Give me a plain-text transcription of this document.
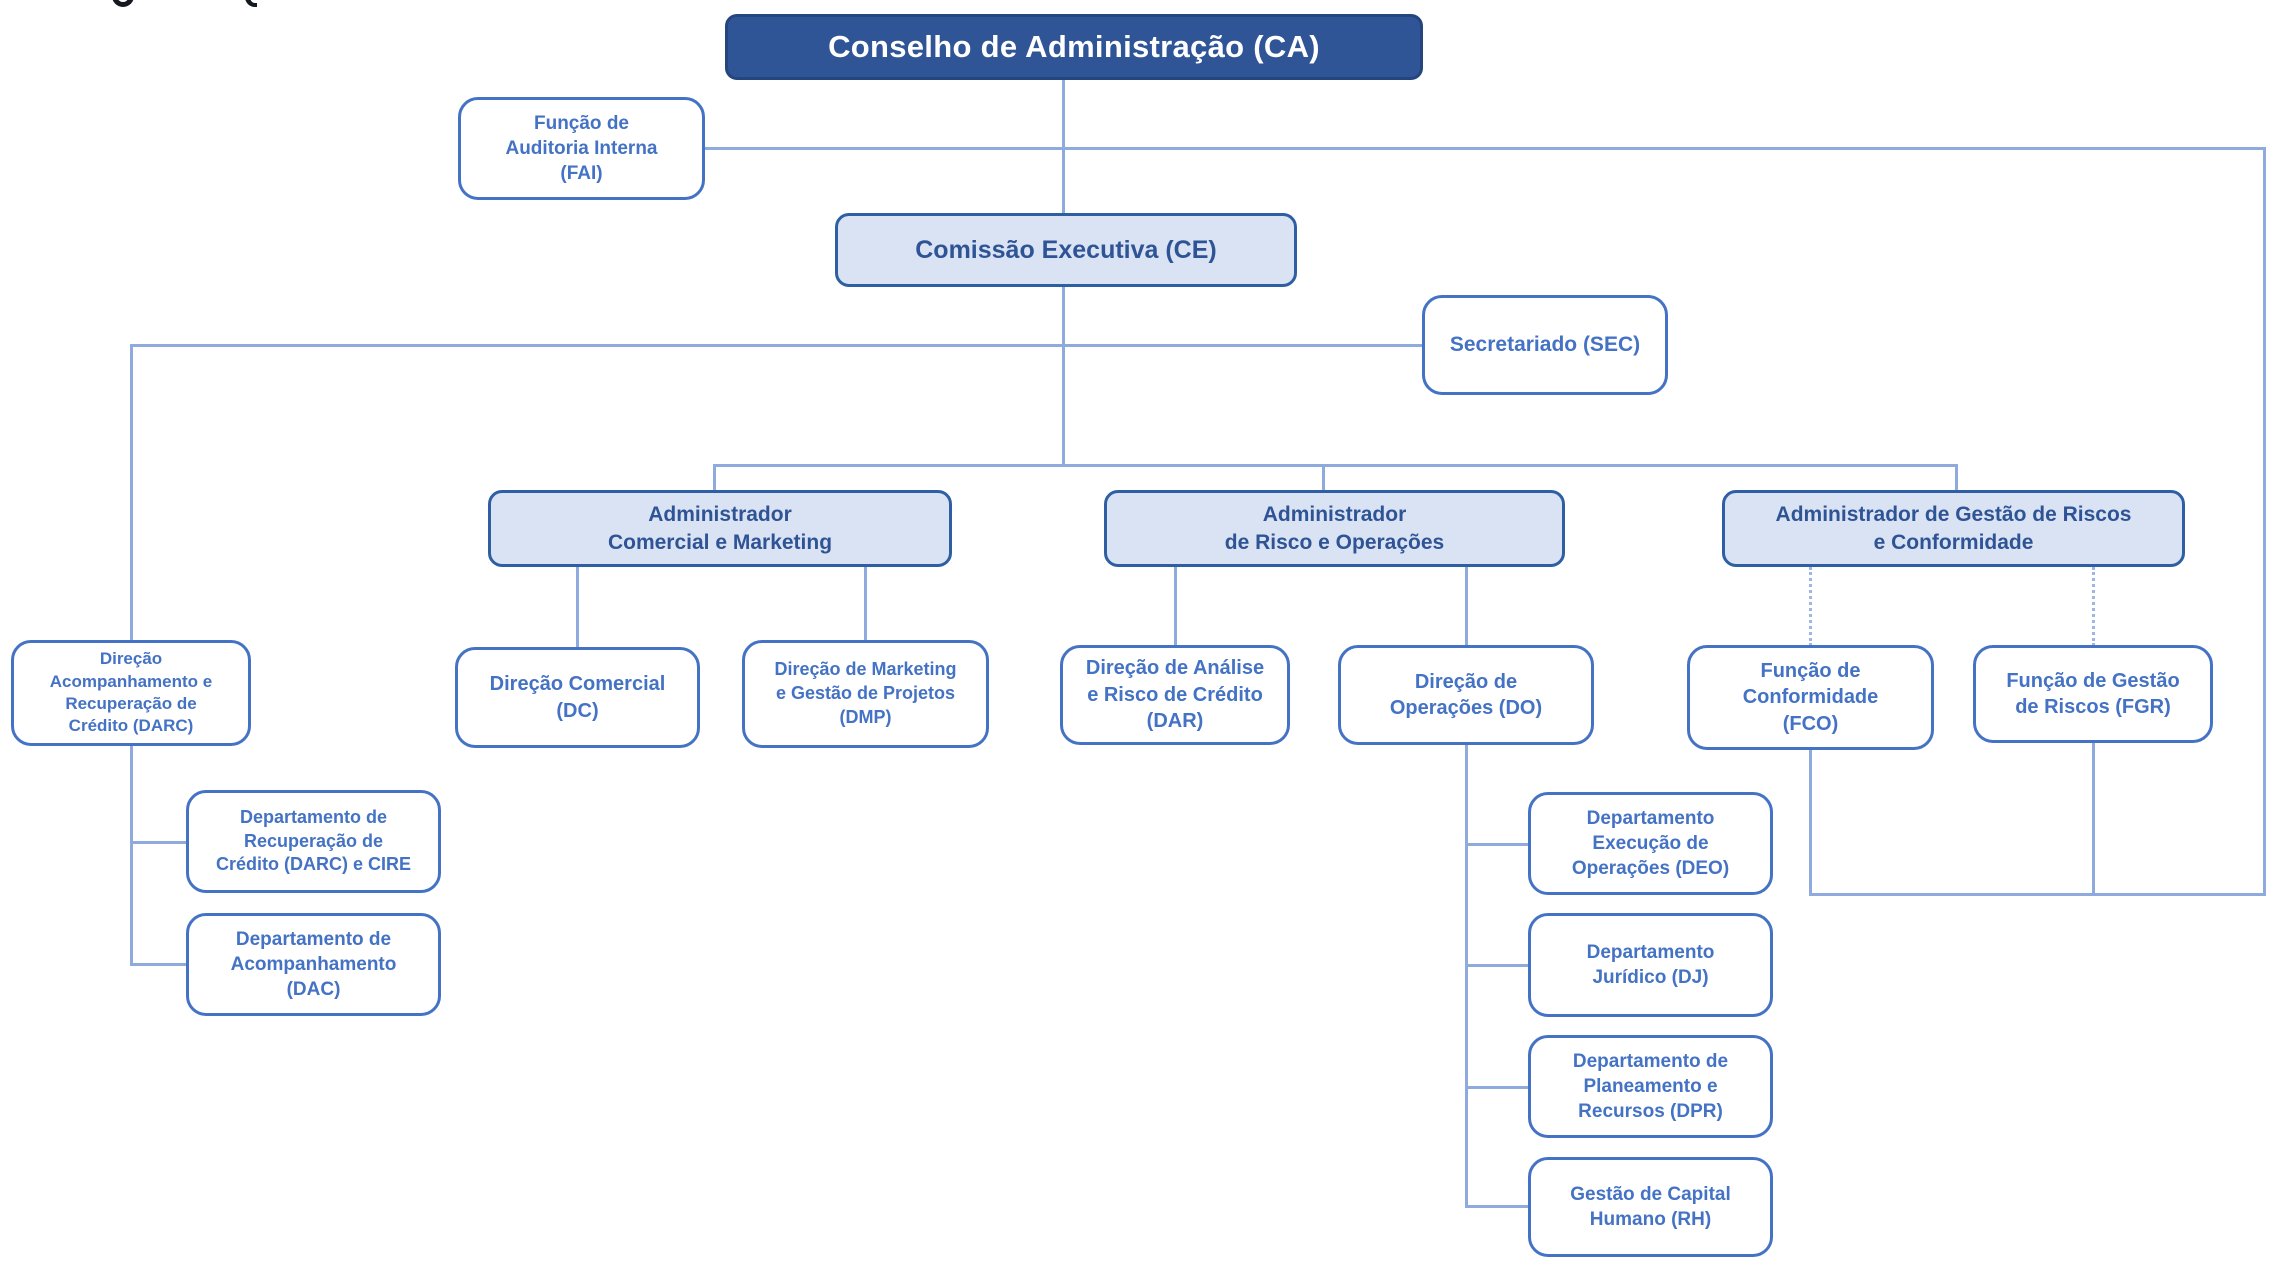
Conselho de Administração (CA)
Função de
Auditoria Interna
(FAI)
Comissão Executiva (CE)
Secretariado (SEC)
Administrador
Comercial e Marketing
Administrador
de Risco e Operações
Administrador de Gestão de Riscos
e Conformidade
Direção
Acompanhamento e
Recuperação de
Crédito (DARC)
Direção Comercial
(DC)
Direção de Marketing
e Gestão de Projetos
(DMP)
Direção de Análise
e Risco de Crédito
(DAR)
Direção de
Operações (DO)
Função de
Conformidade
(FCO)
Função de Gestão
de Riscos (FGR)
Departamento de
Recuperação de
Crédito (DARC) e CIRE
Departamento de
Acompanhamento
(DAC)
Departamento
Execução de
Operações (DEO)
Departamento
Jurídico (DJ)
Departamento de
Planeamento e
Recursos (DPR)
Gestão de Capital
Humano (RH)
